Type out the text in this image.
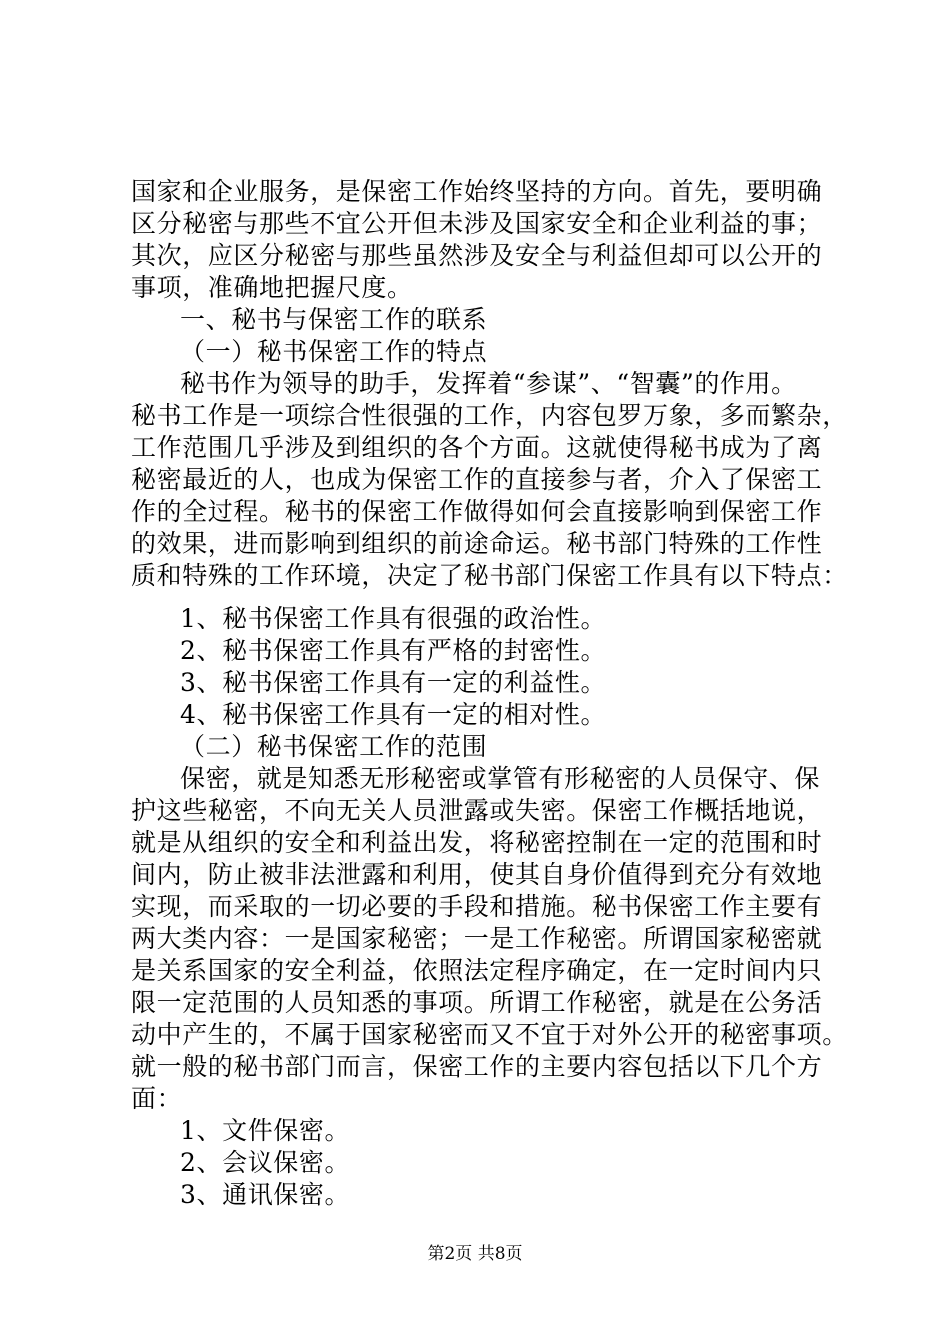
国家和企业服务，是保密工作始终坚持的方向。首先，要明确
区分秘密与那些不宜公开但未涉及国家安全和企业利益的事；
其次，应区分秘密与那些虽然涉及安全与利益但却可以公开的
事项，准确地把握尺度。
一、秘书与保密工作的联系
（一）秘书保密工作的特点
秘书作为领导的助手，发挥着“参谋”、“智囊”的作用。
秘书工作是一项综合性很强的工作，内容包罗万象，多而繁杂，
工作范围几乎涉及到组织的各个方面。这就使得秘书成为了离
秘密最近的人，也成为保密工作的直接参与者，介入了保密工
作的全过程。秘书的保密工作做得如何会直接影响到保密工作
的效果，进而影响到组织的前途命运。秘书部门特殊的工作性
质和特殊的工作环境，决定了秘书部门保密工作具有以下特点：
1、秘书保密工作具有很强的政治性。
2、秘书保密工作具有严格的封密性。
3、秘书保密工作具有一定的利益性。
4、秘书保密工作具有一定的相对性。
（二）秘书保密工作的范围
保密，就是知悉无形秘密或掌管有形秘密的人员保守、保
护这些秘密，不向无关人员泄露或失密。保密工作概括地说，
就是从组织的安全和利益出发，将秘密控制在一定的范围和时
间内，防止被非法泄露和利用，使其自身价值得到充分有效地
实现，而采取的一切必要的手段和措施。秘书保密工作主要有
两大类内容：一是国家秘密；一是工作秘密。所谓国家秘密就
是关系国家的安全利益，依照法定程序确定，在一定时间内只
限一定范围的人员知悉的事项。所谓工作秘密，就是在公务活
动中产生的，不属于国家秘密而又不宜于对外公开的秘密事项。
就一般的秘书部门而言，保密工作的主要内容包括以下几个方
面：
1、文件保密。
2、会议保密。
3、通讯保密。
第2页 共8页
